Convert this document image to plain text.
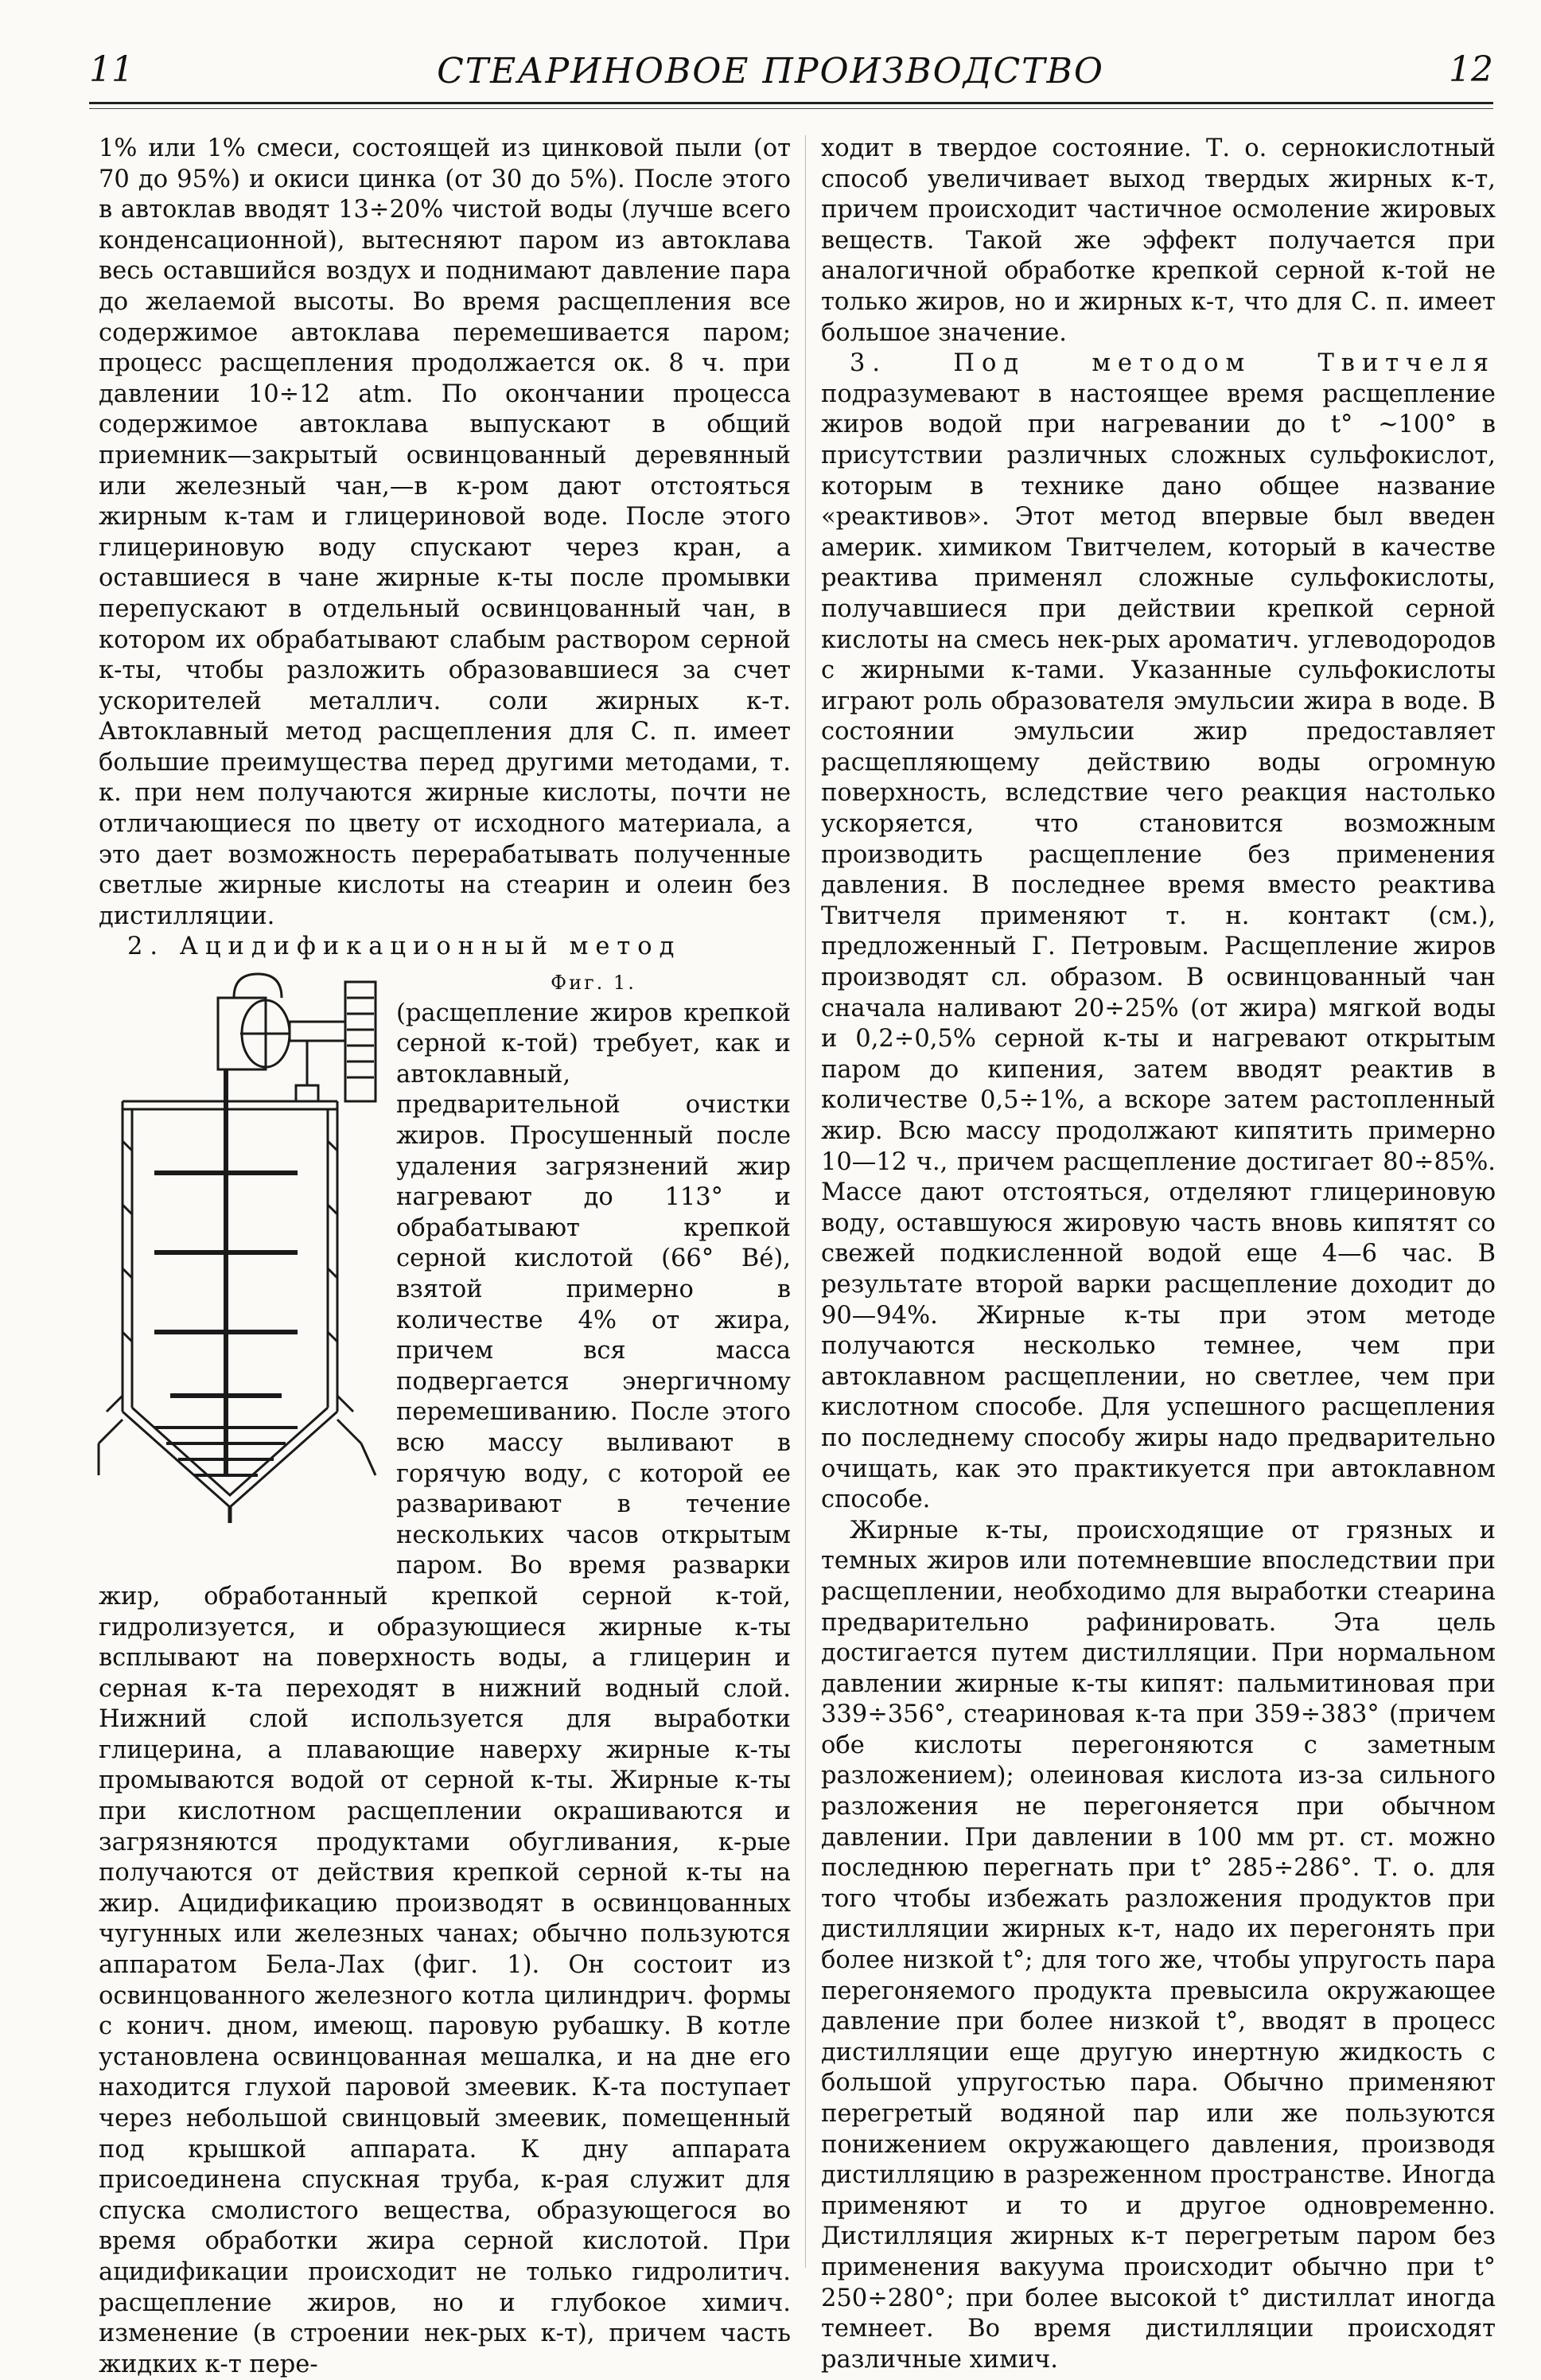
11	СТЕАРИНОВОЕ ПРОИЗВОДСТВО	12

1% или 1% смеси, состоящей из цинковой пыли (от 70 до 95%) и окиси цинка (от 30 до 5%). После этого в автоклав вводят 13÷20% чистой воды (лучше всего конденсационной), вытесняют паром из автоклава весь оставшийся воздух и поднимают давление пара до желаемой высоты. Во время расщепления все содержимое автоклава перемешивается паром; процесс расщепления продолжается ок. 8 ч. при давлении 10÷12 atm. По окончании процесса содержимое автоклава выпускают в общий приемник—закрытый освинцованный деревянный или железный чан,—в к-ром дают отстояться жирным к-там и глицериновой воде. После этого глицериновую воду спускают через кран, а оставшиеся в чане жирные к-ты после промывки перепускают в отдельный освинцованный чан, в котором их обрабатывают слабым раствором серной к-ты, чтобы разложить образовавшиеся за счет ускорителей металлич. соли жирных к-т. Автоклавный метод расщепления для С. п. имеет большие преимущества перед другими методами, т. к. при нем получаются жирные кислоты, почти не отличающиеся по цвету от исходного материала, а это дает возможность перерабатывать полученные светлые жирные кислоты на стеарин и олеин без дистилляции.

2. Ацидификационный метод

Фиг. 1.
(расщепление жиров крепкой серной к-той) требует, как и автоклавный, предварительной очистки жиров. Просушенный после удаления загрязнений жир нагревают до 113° и обрабатывают крепкой серной кислотой (66° Bé), взятой примерно в количестве 4% от жира, причем вся масса подвергается энергичному перемешиванию. После этого всю массу выливают в горячую воду, с которой ее разваривают в течение нескольких часов открытым паром. Во время разварки жир, обработанный крепкой серной к-той, гидролизуется, и образующиеся жирные к-ты всплывают на поверхность воды, а глицерин и серная к-та переходят в нижний водный слой. Нижний слой используется для выработки глицерина, а плавающие наверху жирные к-ты промываются водой от серной к-ты. Жирные к-ты при кислотном расщеплении окрашиваются и загрязняются продуктами обугливания, к-рые получаются от действия крепкой серной к-ты на жир. Ацидификацию производят в освинцованных чугунных или железных чанах; обычно пользуются аппаратом Бела-Лах (фиг. 1). Он состоит из освинцованного железного котла цилиндрич. формы с конич. дном, имеющ. паровую рубашку. В котле установлена освинцованная мешалка, и на дне его находится глухой паровой змеевик. К-та поступает через небольшой свинцовый змеевик, помещенный под крышкой аппарата. К дну аппарата присоединена спускная труба, к-рая служит для спуска смолистого вещества, образующегося во время обработки жира серной кислотой. При ацидификации происходит не только гидролитич. расщепление жиров, но и глубокое химич. изменение (в строении нек-рых к-т), причем часть жидких к-т пере-

ходит в твердое состояние. Т. о. сернокислотный способ увеличивает выход твердых жирных к-т, причем происходит частичное осмоление жировых веществ. Такой же эффект получается при аналогичной обработке крепкой серной к-той не только жиров, но и жирных к-т, что для С. п. имеет большое значение.

3. Под методом Твитчеля подразумевают в настоящее время расщепление жиров водой при нагревании до t° ~100° в присутствии различных сложных сульфокислот, которым в технике дано общее название «реактивов». Этот метод впервые был введен америк. химиком Твитчелем, который в качестве реактива применял сложные сульфокислоты, получавшиеся при действии крепкой серной кислоты на смесь нек-рых ароматич. углеводородов с жирными к-тами. Указанные сульфокислоты играют роль образователя эмульсии жира в воде. В состоянии эмульсии жир предоставляет расщепляющему действию воды огромную поверхность, вследствие чего реакция настолько ускоряется, что становится возможным производить расщепление без применения давления. В последнее время вместо реактива Твитчеля применяют т. н. контакт (см.), предложенный Г. Петровым. Расщепление жиров производят сл. образом. В освинцованный чан сначала наливают 20÷25% (от жира) мягкой воды и 0,2÷0,5% серной к-ты и нагревают открытым паром до кипения, затем вводят реактив в количестве 0,5÷1%, а вскоре затем растопленный жир. Всю массу продолжают кипятить примерно 10—12 ч., причем расщепление достигает 80÷85%. Массе дают отстояться, отделяют глицериновую воду, оставшуюся жировую часть вновь кипятят со свежей подкисленной водой еще 4—6 час. В результате второй варки расщепление доходит до 90—94%. Жирные к-ты при этом методе получаются несколько темнее, чем при автоклавном расщеплении, но светлее, чем при кислотном способе. Для успешного расщепления по последнему способу жиры надо предварительно очищать, как это практикуется при автоклавном способе.

Жирные к-ты, происходящие от грязных и темных жиров или потемневшие впоследствии при расщеплении, необходимо для выработки стеарина предварительно рафинировать. Эта цель достигается путем дистилляции. При нормальном давлении жирные к-ты кипят: пальмитиновая при 339÷356°, стеариновая к-та при 359÷383° (причем обе кислоты перегоняются с заметным разложением); олеиновая кислота из-за сильного разложения не перегоняется при обычном давлении. При давлении в 100 мм рт. ст. можно последнюю перегнать при t° 285÷286°. Т. о. для того чтобы избежать разложения продуктов при дистилляции жирных к-т, надо их перегонять при более низкой t°; для того же, чтобы упругость пара перегоняемого продукта превысила окружающее давление при более низкой t°, вводят в процесс дистилляции еще другую инертную жидкость с большой упругостью пара. Обычно применяют перегретый водяной пар или же пользуются понижением окружающего давления, производя дистилляцию в разреженном пространстве. Иногда применяют и то и другое одновременно. Дистилляция жирных к-т перегретым паром без применения вакуума происходит обычно при t° 250÷280°; при более высокой t° дистиллат иногда темнеет. Во время дистилляции происходят различные химич.
